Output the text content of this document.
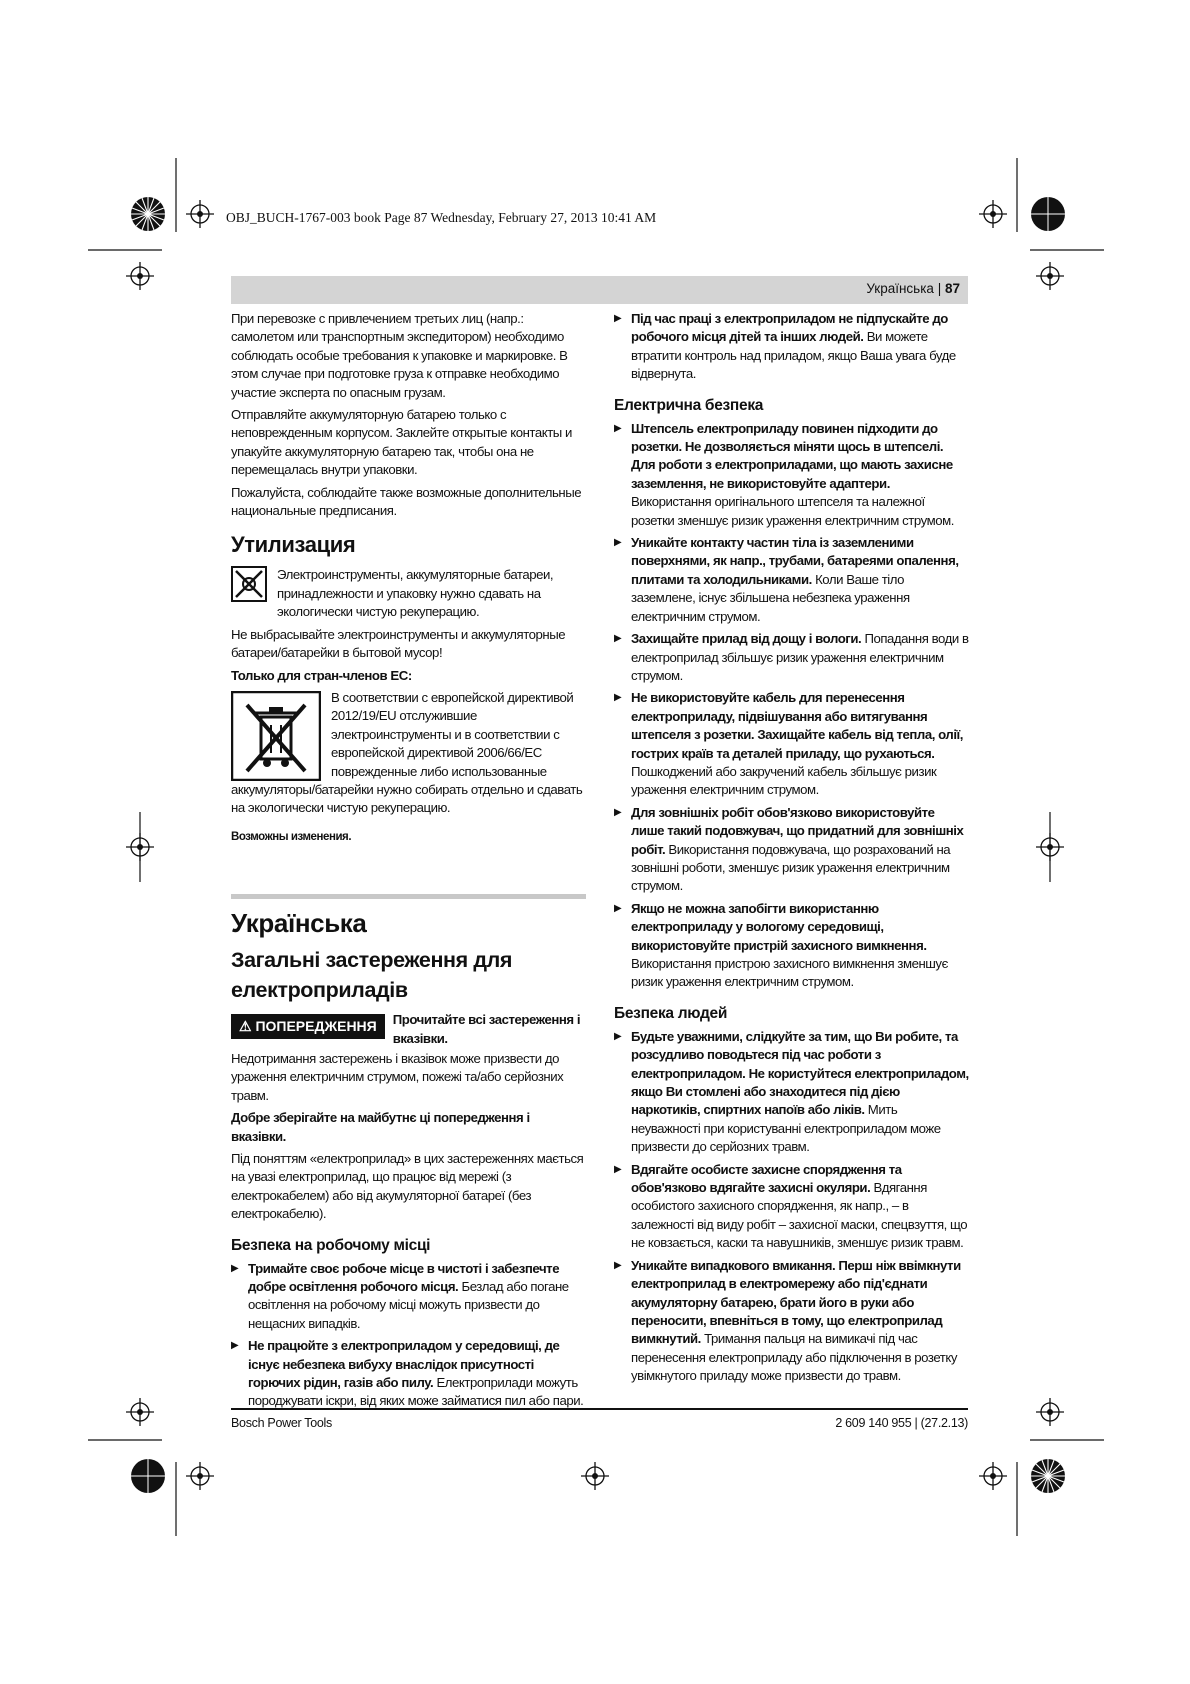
OBJ_BUCH-1767-003 book Page 87 Wednesday, February 27, 2013 10:41 AM
Українська | 87

При перевозке с привлечением третьих лиц (напр.: самолетом или транспортным экспедитором) необходимо соблюдать особые требования к упаковке и маркировке. В этом случае при подготовке груза к отправке необходимо участие эксперта по опасным грузам.

Отправляйте аккумуляторную батарею только с неповрежденным корпусом. Заклейте открытые контакты и упакуйте аккумуляторную батарею так, чтобы она не перемещалась внутри упаковки.

Пожалуйста, соблюдайте также возможные дополнительные национальные предписания.

Утилизация
Электроинструменты, аккумуляторные батареи, принадлежности и упаковку нужно сдавать на экологически чистую рекуперацию.

Не выбрасывайте электроинструменты и аккумуляторные батареи/батарейки в бытовой мусор!

Только для стран-членов ЕС:

В соответствии с европейской директивой 2012/19/EU отслужившие электроинструменты и в соответствии с европейской директивой 2006/66/EC поврежденные либо использованные аккумуляторы/батарейки нужно собирать отдельно и сдавать на экологически чистую рекуперацию.

Возможны изменения.

Українська
Загальні застереження для електроприладів
⚠ ПОПЕРЕДЖЕННЯ	Прочитайте всі застереження і вказівки.

Недотримання застережень і вказівок може призвести до ураження електричним струмом, пожежі та/або серйозних травм.

Добре зберігайте на майбутнє ці попередження і вказівки.

Під поняттям «електроприлад» в цих застереженнях мається на увазі електроприлад, що працює від мережі (з електрокабелем) або від акумуляторної батареї (без електрокабелю).

Безпека на робочому місці
▶ Тримайте своє робоче місце в чистоті і забезпечте добре освітлення робочого місця. Безлад або погане освітлення на робочому місці можуть призвести до нещасних випадків.
▶ Не працюйте з електроприладом у середовищі, де існує небезпека вибуху внаслідок присутності горючих рідин, газів або пилу. Електроприлади можуть породжувати іскри, від яких може займатися пил або пари.
▶ Під час праці з електроприладом не підпускайте до робочого місця дітей та інших людей. Ви можете втратити контроль над приладом, якщо Ваша увага буде відвернута.
Електрична безпека
▶ Штепсель електроприладу повинен підходити до розетки. Не дозволяється міняти щось в штепселі. Для роботи з електроприладами, що мають захисне заземлення, не використовуйте адаптери. Використання оригінального штепселя та належної розетки зменшує ризик ураження електричним струмом.
▶ Уникайте контакту частин тіла із заземленими поверхнями, як напр., трубами, батареями опалення, плитами та холодильниками. Коли Ваше тіло заземлене, існує збільшена небезпека ураження електричним струмом.
▶ Захищайте прилад від дощу і вологи. Попадання води в електроприлад збільшує ризик ураження електричним струмом.
▶ Не використовуйте кабель для перенесення електроприладу, підвішування або витягування штепселя з розетки. Захищайте кабель від тепла, олії, гострих країв та деталей приладу, що рухаються. Пошкоджений або закручений кабель збільшує ризик ураження електричним струмом.
▶ Для зовнішніх робіт обов'язково використовуйте лише такий подовжувач, що придатний для зовнішніх робіт. Використання подовжувача, що розрахований на зовнішні роботи, зменшує ризик ураження електричним струмом.
▶ Якщо не можна запобігти використанню електроприладу у вологому середовищі, використовуйте пристрій захисного вимкнення. Використання пристрою захисного вимкнення зменшує ризик ураження електричним струмом.
Безпека людей
▶ Будьте уважними, слідкуйте за тим, що Ви робите, та розсудливо поводьтеся під час роботи з електроприладом. Не користуйтеся електроприладом, якщо Ви стомлені або знаходитеся під дією наркотиків, спиртних напоїв або ліків. Мить неуважності при користуванні електроприладом може призвести до серйозних травм.
▶ Вдягайте особисте захисне спорядження та обов'язково вдягайте захисні окуляри. Вдягання особистого захисного спорядження, як напр., – в залежності від виду робіт – захисної маски, спецвзуття, що не ковзається, каски та навушників, зменшує ризик травм.
▶ Уникайте випадкового вмикання. Перш ніж ввімкнути електроприлад в електромережу або під'єднати акумуляторну батарею, брати його в руки або переносити, впевніться в тому, що електроприлад вимкнутий. Тримання пальця на вимикачі під час перенесення електроприладу або підключення в розетку увімкнутого приладу може призвести до травм.
Bosch Power Tools	2 609 140 955 | (27.2.13)
